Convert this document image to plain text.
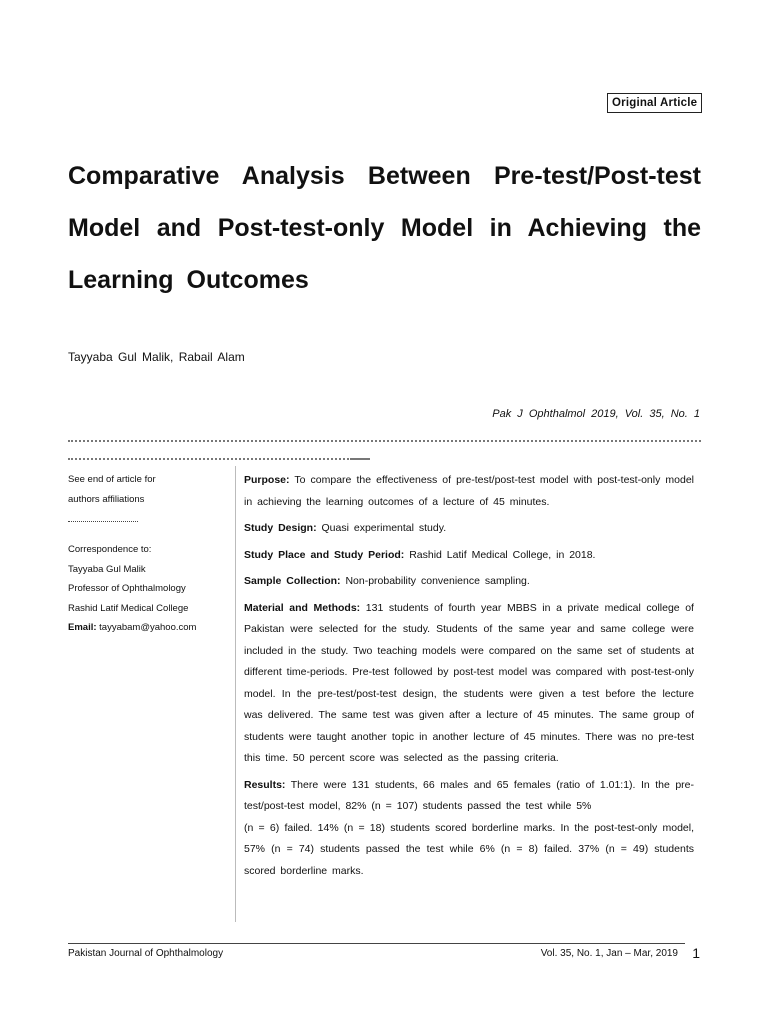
Original Article
Comparative Analysis Between Pre-test/Post-test Model and Post-test-only Model in Achieving the Learning Outcomes
Tayyaba Gul Malik, Rabail Alam
Pak J Ophthalmol 2019, Vol. 35, No. 1
See end of article for
authors affiliations
Correspondence to:
Tayyaba Gul Malik
Professor of Ophthalmology
Rashid Latif Medical College
Email: tayyabam@yahoo.com

Purpose: To compare the effectiveness of pre-test/post-test model with post-test-only model in achieving the learning outcomes of a lecture of 45 minutes.

Study Design: Quasi experimental study.

Study Place and Study Period: Rashid Latif Medical College, in 2018.

Sample Collection: Non-probability convenience sampling.

Material and Methods: 131 students of fourth year MBBS in a private medical college of Pakistan were selected for the study. Students of the same year and same college were included in the study. Two teaching models were compared on the same set of students at different time-periods. Pre-test followed by post-test model was compared with post-test-only model. In the pre-test/post-test design, the students were given a test before the lecture was delivered. The same test was given after a lecture of 45 minutes. The same group of students were taught another topic in another lecture of 45 minutes. There was no pre-test this time. 50 percent score was selected as the passing criteria.

Results: There were 131 students, 66 males and 65 females (ratio of 1.01:1). In the pre-test/post-test model, 82% (n = 107) students passed the test while 5%

(n = 6) failed. 14% (n = 18) students scored borderline marks. In the post-test-only model, 57% (n = 74) students passed the test while 6% (n = 8) failed. 37% (n = 49) students scored borderline marks.

Pakistan Journal of Ophthalmology	Vol. 35, No. 1, Jan – Mar, 2019 1
